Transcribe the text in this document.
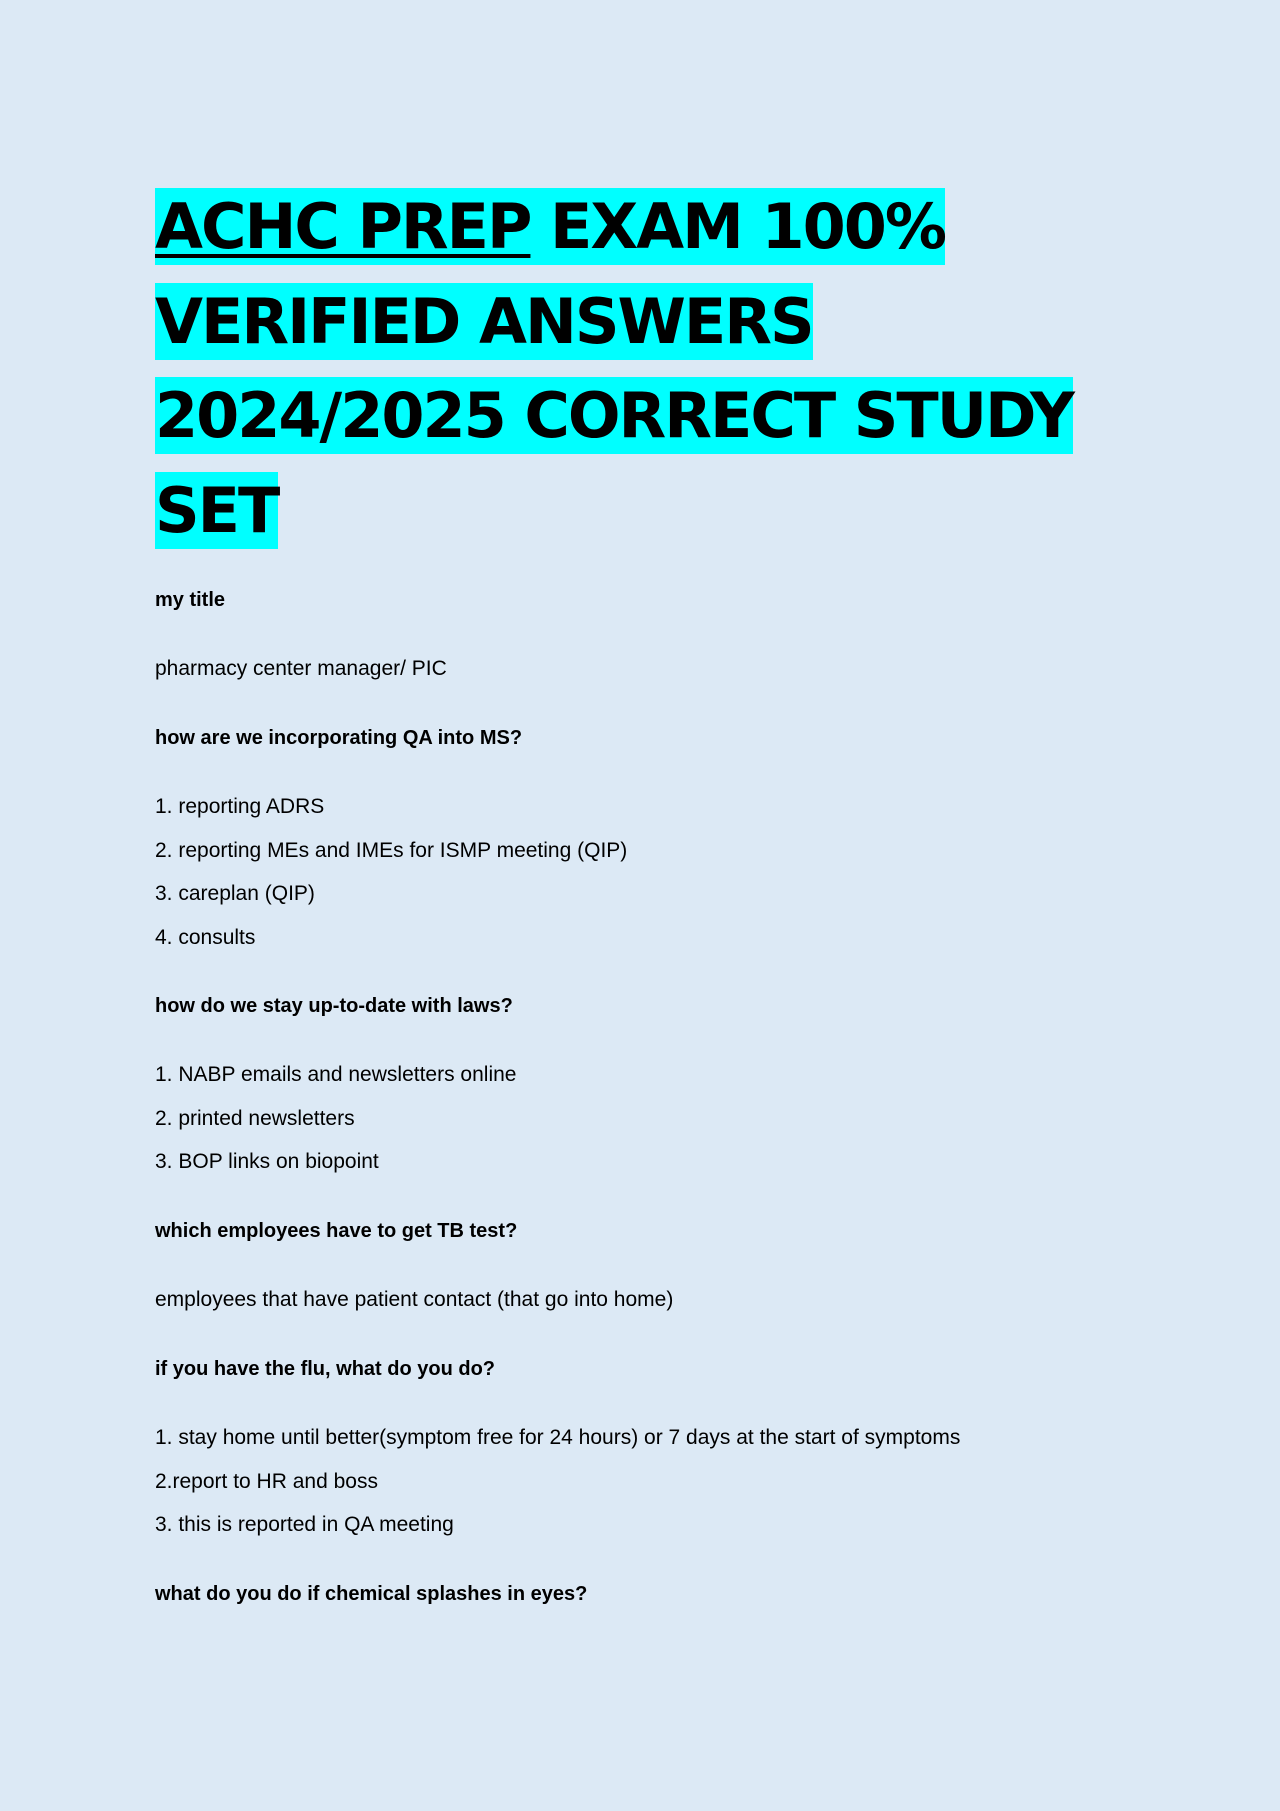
ACHC PREP EXAM 100% VERIFIED ANSWERS 2024/2025 CORRECT STUDY SET

my title

pharmacy center manager/ PIC

how are we incorporating QA into MS?

1. reporting ADRS
2. reporting MEs and IMEs for ISMP meeting (QIP)
3. careplan (QIP)
4. consults

how do we stay up-to-date with laws?

1. NABP emails and newsletters online
2. printed newsletters
3. BOP links on biopoint

which employees have to get TB test?

employees that have patient contact (that go into home)

if you have the flu, what do you do?

1. stay home until better(symptom free for 24 hours) or 7 days at the start of symptoms
2.report to HR and boss
3. this is reported in QA meeting

what do you do if chemical splashes in eyes?
